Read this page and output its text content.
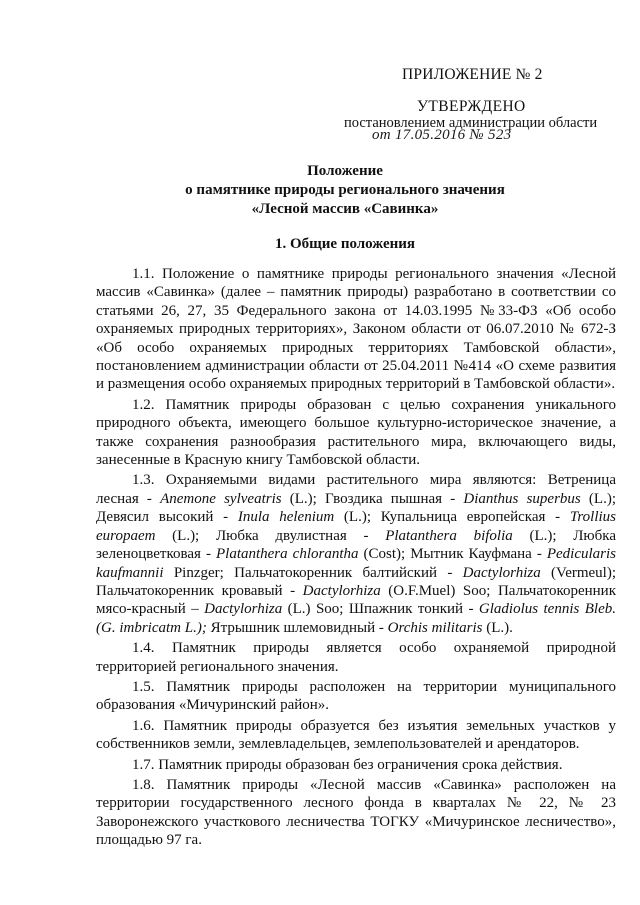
ПРИЛОЖЕНИЕ № 2
УТВЕРЖДЕНО
постановлением администрации области
от 17.05.2016 № 523
Положение
о памятнике природы регионального значения
«Лесной массив «Савинка»
1. Общие положения

1.1. Положение о памятнике природы регионального значения «Лесной массив «Савинка» (далее – памятник природы) разработано в соответствии со статьями 26, 27, 35 Федерального закона от 14.03.1995 №33-ФЗ «Об особо охраняемых природных территориях», Законом области от 06.07.2010 № 672-З «Об особо охраняемых природных территориях Тамбовской области», постановлением администрации области от 25.04.2011 №414 «О схеме развития и размещения особо охраняемых природных территорий в Тамбовской области».

1.2. Памятник природы образован с целью сохранения уникального природного объекта, имеющего большое культурно-историческое значение, а также сохранения разнообразия растительного мира, включающего виды, занесенные в Красную книгу Тамбовской области.

1.3. Охраняемыми видами растительного мира являются: Ветреница лесная - Anemone sylveatris (L.); Гвоздика пышная - Dianthus superbus (L.); Девясил высокий - Inula helenium (L.); Купальница европейская - Trollius europaem (L.); Любка двулистная - Platanthera bifolia (L.); Любка зеленоцветковая - Platanthera chlorantha (Cost); Мытник Кауфмана - Pedicularis kaufmannii Pinzger; Пальчатокоренник балтийский - Dactylorhiza (Vermeul); Пальчатокоренник кровавый - Dactylorhiza (O.F.Muel) Soo; Пальчатокоренник мясо-красный – Dactylorhiza (L.) Soo; Шпажник тонкий - Gladiolus tennis Bleb. (G. imbricatm L.); Ятрышник шлемовидный - Orchis militaris (L.).

1.4. Памятник природы является особо охраняемой природной территорией регионального значения.

1.5. Памятник природы расположен на территории муниципального образования «Мичуринский район».

1.6. Памятник природы образуется без изъятия земельных участков у собственников земли, землевладельцев, землепользователей и арендаторов.

1.7. Памятник природы образован без ограничения срока действия.

1.8. Памятник природы «Лесной массив «Савинка» расположен на территории государственного лесного фонда в кварталах № 22, № 23 Заворонежского участкового лесничества ТОГКУ «Мичуринское лесничество», площадью 97 га.
